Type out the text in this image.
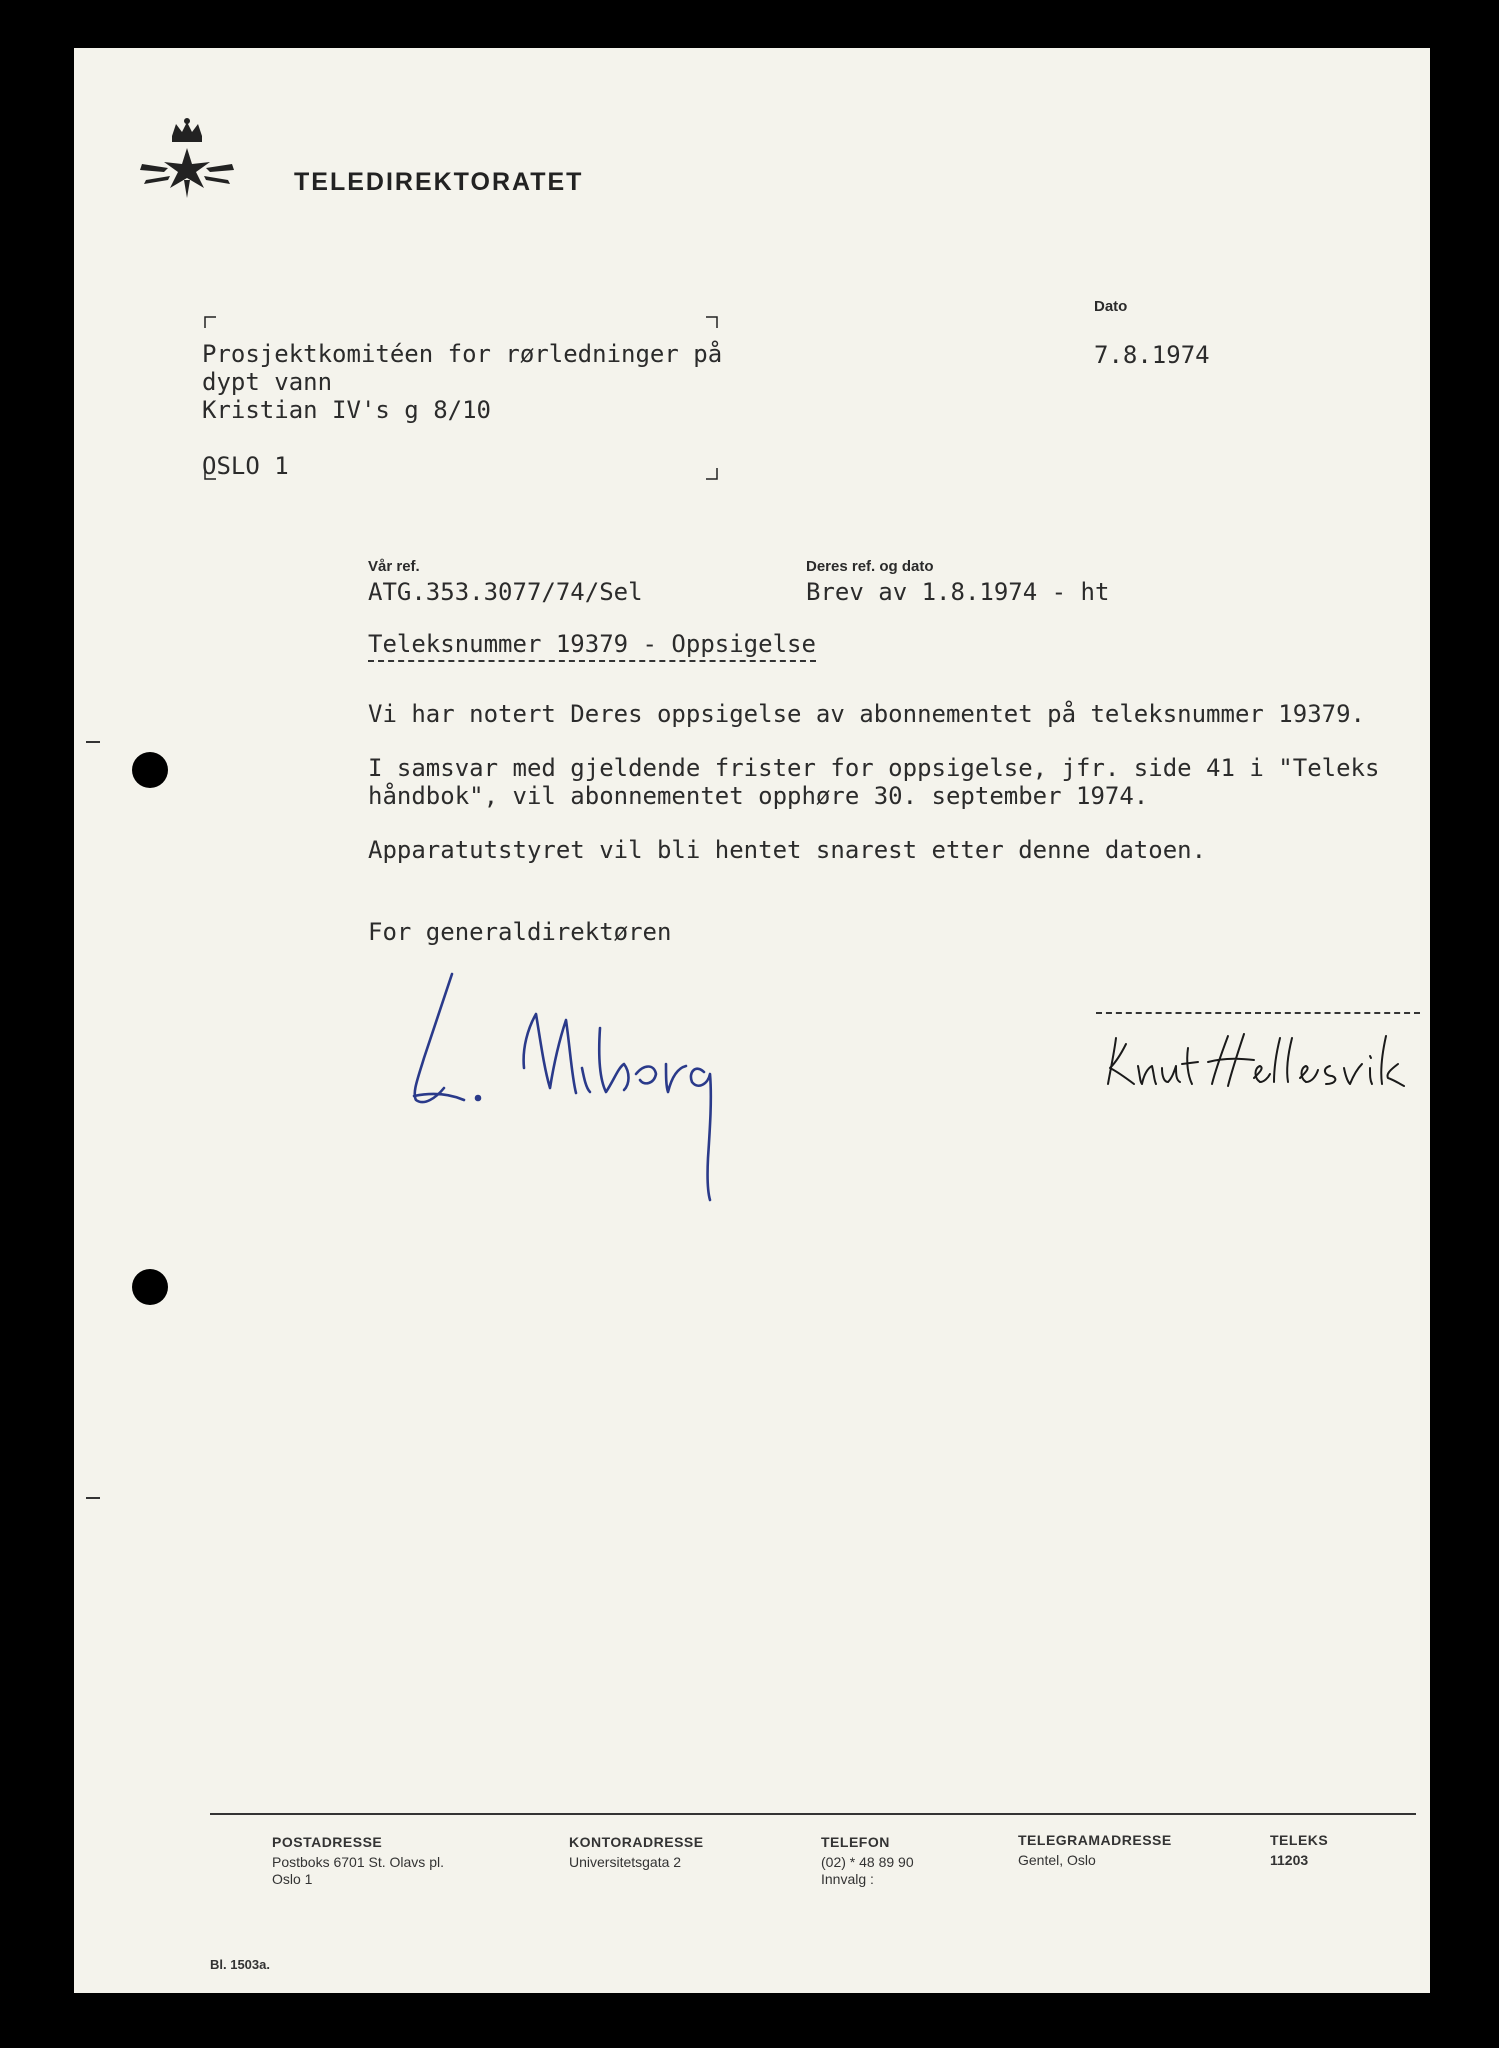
TELEDIREKTORATET
Dato
7.8.1974
Prosjektkomitéen for rørledninger på
dypt vann
Kristian IV's g 8/10
OSLO 1
Vår ref.
ATG.353.3077/74/Sel
Deres ref. og dato
Brev av 1.8.1974 - ht
Teleksnummer 19379 - Oppsigelse
Vi har notert Deres oppsigelse av abonnementet på teleksnummer 19379.
I samsvar med gjeldende frister for oppsigelse, jfr. side 41 i "Teleks
håndbok", vil abonnementet opphøre 30. september 1974.
Apparatutstyret vil bli hentet snarest etter denne datoen.
For generaldirektøren
POSTADRESSE
Postboks 6701 St. Olavs pl.
Oslo 1
KONTORADRESSE
Universitetsgata 2
TELEFON
(02) * 48 89 90
Innvalg :
TELEGRAMADRESSE
Gentel, Oslo
TELEKS
11203
Bl. 1503a.
